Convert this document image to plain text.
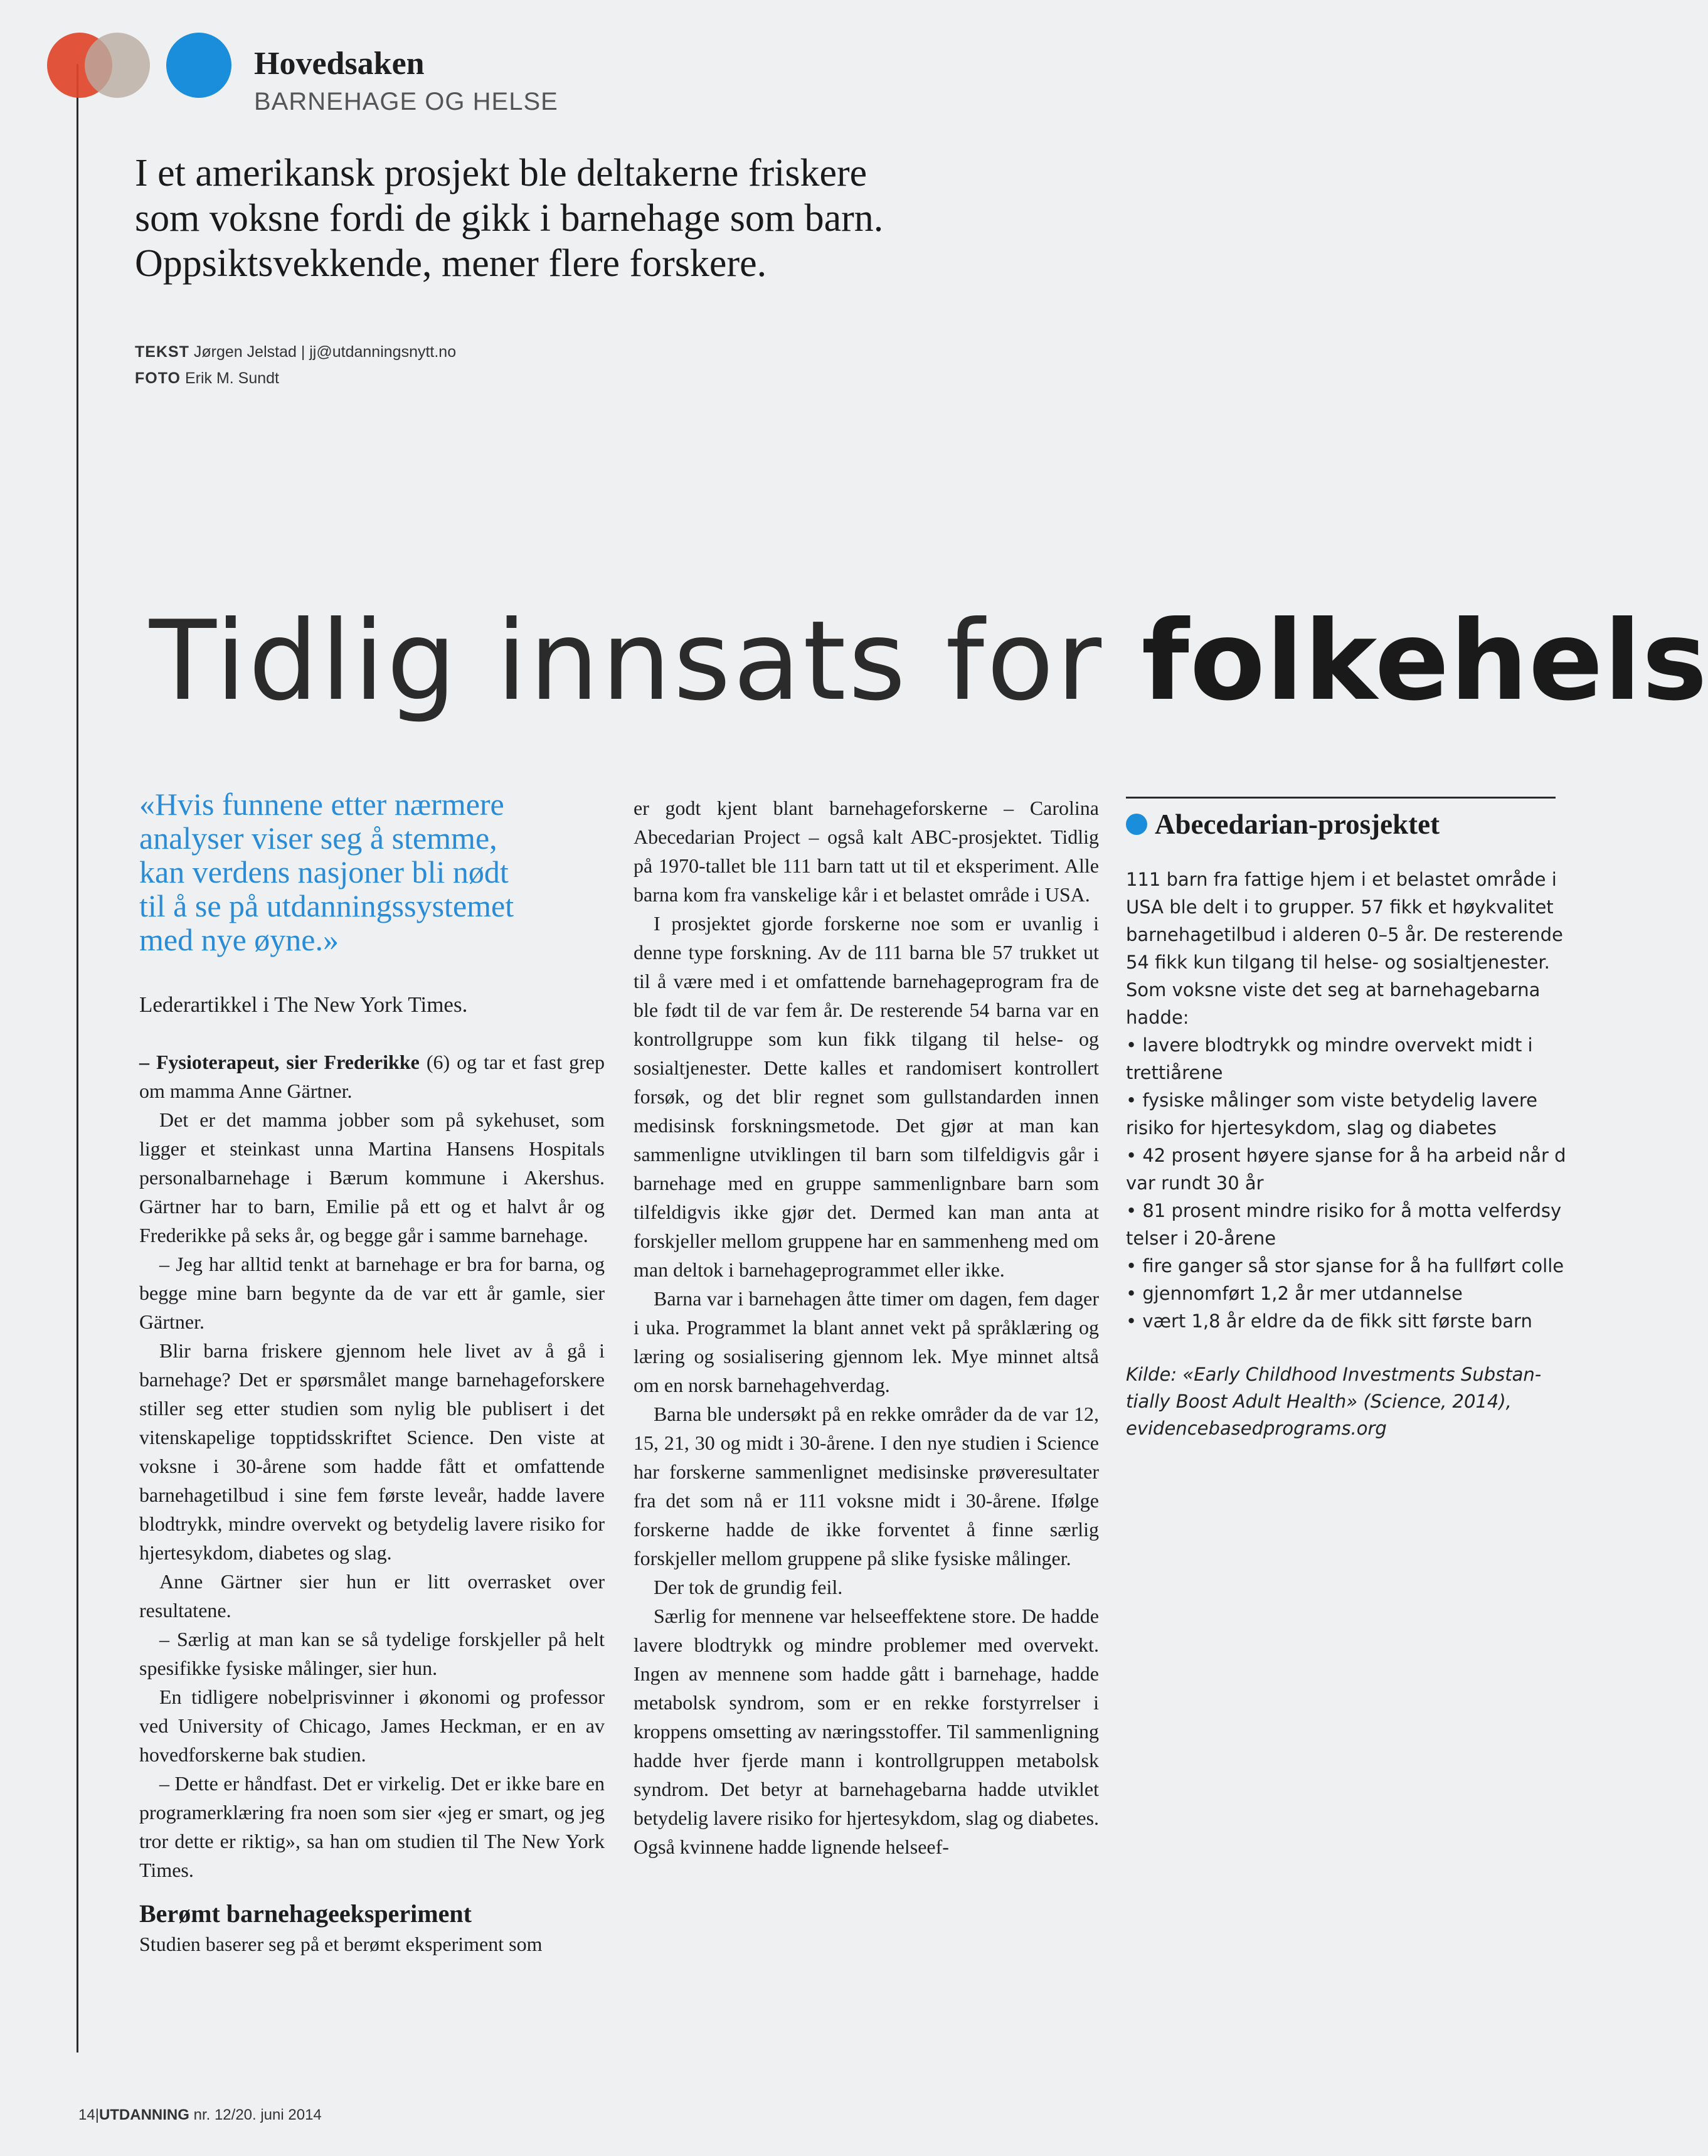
Hovedsaken
BARNEHAGE OG HELSE
I et amerikansk prosjekt ble deltakerne friskere
som voksne fordi de gikk i barnehage som barn.
Oppsiktsvekkende, mener flere forskere.
TEKST Jørgen Jelstad | jj@utdanningsnytt.no
FOTO Erik M. Sundt
Tidlig innsats for folkehels
«Hvis funnene etter nærmere
analyser viser seg å stemme,
kan verdens nasjoner bli nødt
til å se på utdanningssystemet
med nye øyne.»
Lederartikkel i The New York Times.

– Fysioterapeut, sier Frederikke (6) og tar et fast grep om mamma Anne Gärtner.

Det er det mamma jobber som på sykehuset, som ligger et steinkast unna Martina Hansens Hospitals personalbarnehage i Bærum kommune i Akershus. Gärtner har to barn, Emilie på ett og et halvt år og Frederikke på seks år, og begge går i samme barnehage.

– Jeg har alltid tenkt at barnehage er bra for barna, og begge mine barn begynte da de var ett år gamle, sier Gärtner.

Blir barna friskere gjennom hele livet av å gå i barnehage? Det er spørsmålet mange barnehageforskere stiller seg etter studien som nylig ble publisert i det vitenskapelige topptidsskriftet Science. Den viste at voksne i 30-årene som hadde fått et omfattende barnehagetilbud i sine fem første leveår, hadde lavere blodtrykk, mindre overvekt og betydelig lavere risiko for hjertesykdom, diabetes og slag.

Anne Gärtner sier hun er litt overrasket over resultatene.

– Særlig at man kan se så tydelige forskjeller på helt spesifikke fysiske målinger, sier hun.

En tidligere nobelprisvinner i økonomi og professor ved University of Chicago, James Heckman, er en av hovedforskerne bak studien.

– Dette er håndfast. Det er virkelig. Det er ikke bare en programerklæring fra noen som sier «jeg er smart, og jeg tror dette er riktig», sa han om studien til The New York Times.

Berømt barnehageeksperiment

Studien baserer seg på et berømt eksperiment som

er godt kjent blant barnehageforskerne – Carolina Abecedarian Project – også kalt ABC-prosjektet. Tidlig på 1970-tallet ble 111 barn tatt ut til et eksperiment. Alle barna kom fra vanskelige kår i et belastet område i USA.

I prosjektet gjorde forskerne noe som er uvanlig i denne type forskning. Av de 111 barna ble 57 trukket ut til å være med i et omfattende barnehageprogram fra de ble født til de var fem år. De resterende 54 barna var en kontrollgruppe som kun fikk tilgang til helse- og sosialtjenester. Dette kalles et randomisert kontrollert forsøk, og det blir regnet som gullstandarden innen medisinsk forskningsmetode. Det gjør at man kan sammenligne utviklingen til barn som tilfeldigvis går i barnehage med en gruppe sammenlignbare barn som tilfeldigvis ikke gjør det. Dermed kan man anta at forskjeller mellom gruppene har en sammenheng med om man deltok i barnehageprogrammet eller ikke.

Barna var i barnehagen åtte timer om dagen, fem dager i uka. Programmet la blant annet vekt på språklæring og læring og sosialisering gjennom lek. Mye minnet altså om en norsk barnehagehverdag.

Barna ble undersøkt på en rekke områder da de var 12, 15, 21, 30 og midt i 30-årene. I den nye studien i Science har forskerne sammenlignet medisinske prøveresultater fra det som nå er 111 voksne midt i 30-årene. Ifølge forskerne hadde de ikke forventet å finne særlig forskjeller mellom gruppene på slike fysiske målinger.

Der tok de grundig feil.

Særlig for mennene var helseeffektene store. De hadde lavere blodtrykk og mindre problemer med overvekt. Ingen av mennene som hadde gått i barnehage, hadde metabolsk syndrom, som er en rekke forstyrrelser i kroppens omsetting av næringsstoffer. Til sammenligning hadde hver fjerde mann i kontrollgruppen metabolsk syndrom. Det betyr at barnehagebarna hadde utviklet betydelig lavere risiko for hjertesykdom, slag og diabetes. Også kvinnene hadde lignende helseef-

Abecedarian-prosjektet
111 barn fra fattige hjem i et belastet område i
USA ble delt i to grupper. 57 fikk et høykvalitet
barnehagetilbud i alderen 0–5 år. De resterende
54 fikk kun tilgang til helse- og sosialtjenester.
Som voksne viste det seg at barnehagebarna
hadde:
• lavere blodtrykk og mindre overvekt midt i
trettiårene
• fysiske målinger som viste betydelig lavere
risiko for hjertesykdom, slag og diabetes
• 42 prosent høyere sjanse for å ha arbeid når d
var rundt 30 år
• 81 prosent mindre risiko for å motta velferdsy
telser i 20-årene
• fire ganger så stor sjanse for å ha fullført colle
• gjennomført 1,2 år mer utdannelse
• vært 1,8 år eldre da de fikk sitt første barn
Kilde: «Early Childhood Investments Substan-
tially Boost Adult Health» (Science, 2014),
evidencebasedprograms.org
14|UTDANNING nr. 12/20. juni 2014
